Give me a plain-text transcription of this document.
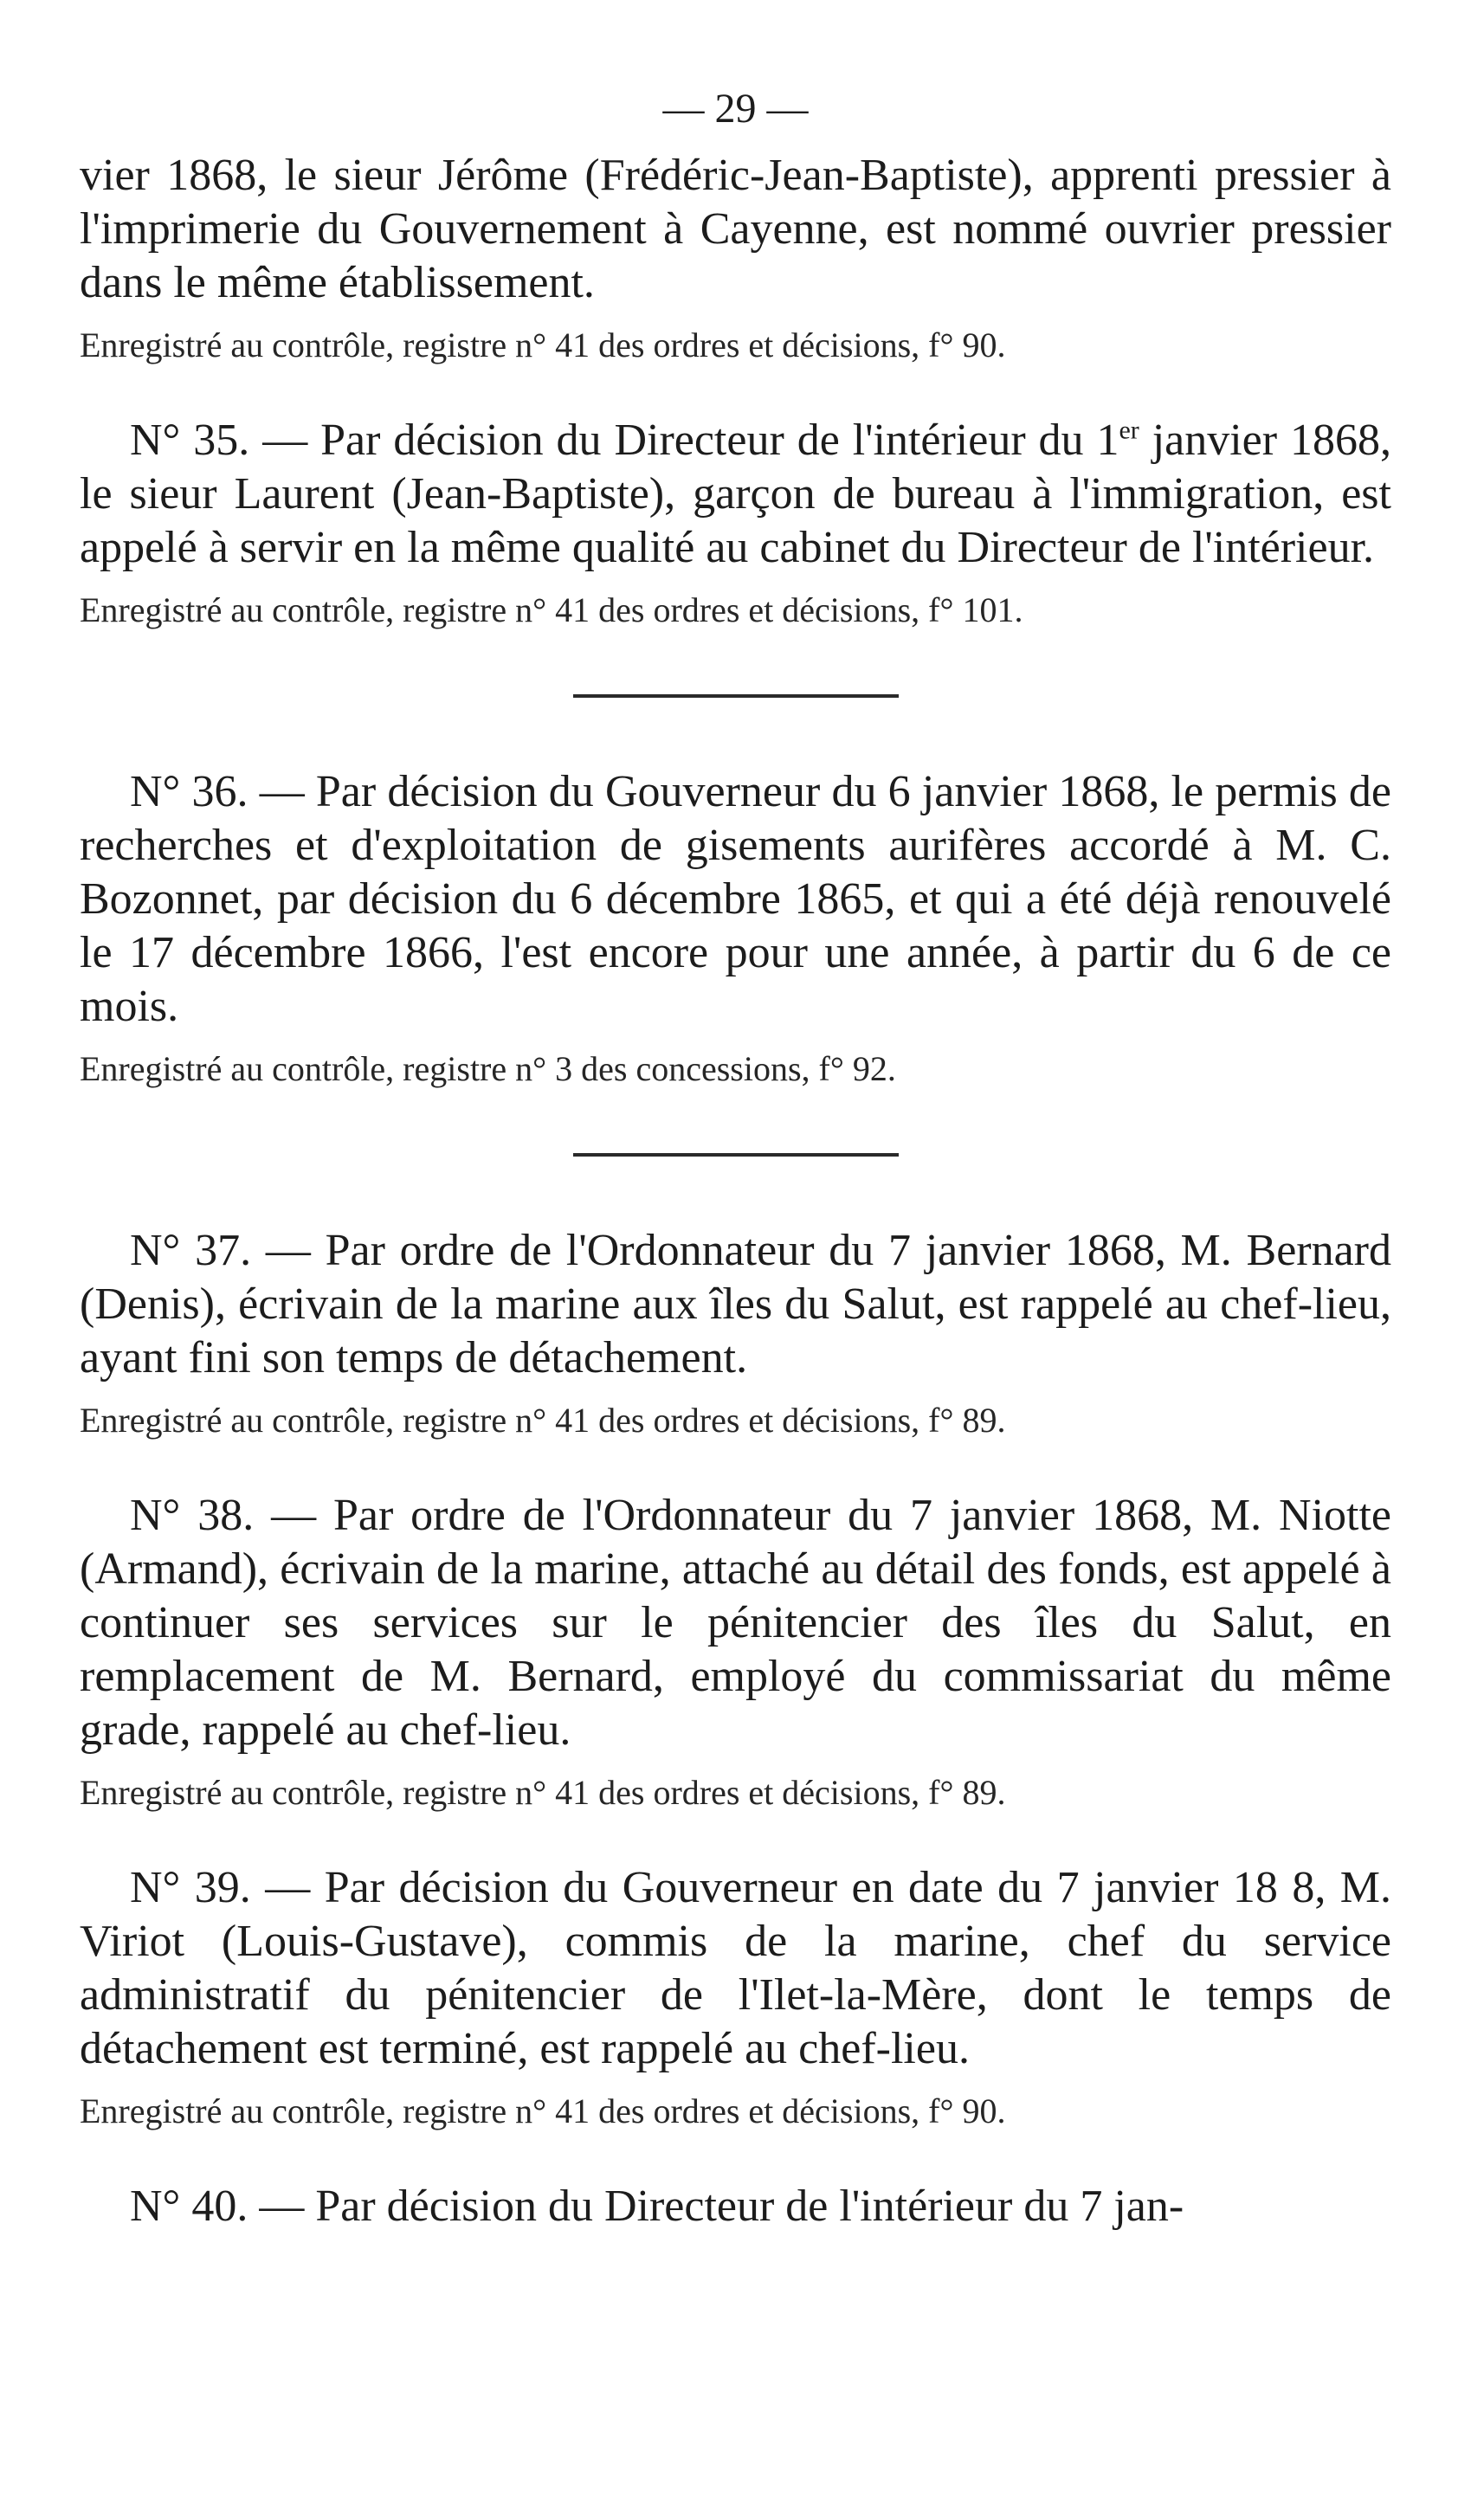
— 29 —

vier 1868, le sieur Jérôme (Frédéric-Jean-Baptiste), apprenti pressier à l'imprimerie du Gouvernement à Cayenne, est nommé ouvrier pressier dans le même établissement.

Enregistré au contrôle, registre n° 41 des ordres et décisions, f° 90.

N° 35. — Par décision du Directeur de l'intérieur du 1er janvier 1868, le sieur Laurent (Jean-Baptiste), garçon de bureau à l'immigration, est appelé à servir en la même qualité au cabinet du Directeur de l'intérieur.

Enregistré au contrôle, registre n° 41 des ordres et décisions, f° 101.

N° 36. — Par décision du Gouverneur du 6 janvier 1868, le permis de recherches et d'exploitation de gisements aurifères accordé à M. C. Bozonnet, par décision du 6 décembre 1865, et qui a été déjà renouvelé le 17 décembre 1866, l'est encore pour une année, à partir du 6 de ce mois.

Enregistré au contrôle, registre n° 3 des concessions, f° 92.

N° 37. — Par ordre de l'Ordonnateur du 7 janvier 1868, M. Bernard (Denis), écrivain de la marine aux îles du Salut, est rappelé au chef-lieu, ayant fini son temps de détachement.

Enregistré au contrôle, registre n° 41 des ordres et décisions, f° 89.

N° 38. — Par ordre de l'Ordonnateur du 7 janvier 1868, M. Niotte (Armand), écrivain de la marine, attaché au détail des fonds, est appelé à continuer ses services sur le pénitencier des îles du Salut, en remplacement de M. Bernard, employé du commissariat du même grade, rappelé au chef-lieu.

Enregistré au contrôle, registre n° 41 des ordres et décisions, f° 89.

N° 39. — Par décision du Gouverneur en date du 7 janvier 18 8, M. Viriot (Louis-Gustave), commis de la marine, chef du service administratif du pénitencier de l'Ilet-la-Mère, dont le temps de détachement est terminé, est rappelé au chef-lieu.

Enregistré au contrôle, registre n° 41 des ordres et décisions, f° 90.

N° 40. — Par décision du Directeur de l'intérieur du 7 jan-
